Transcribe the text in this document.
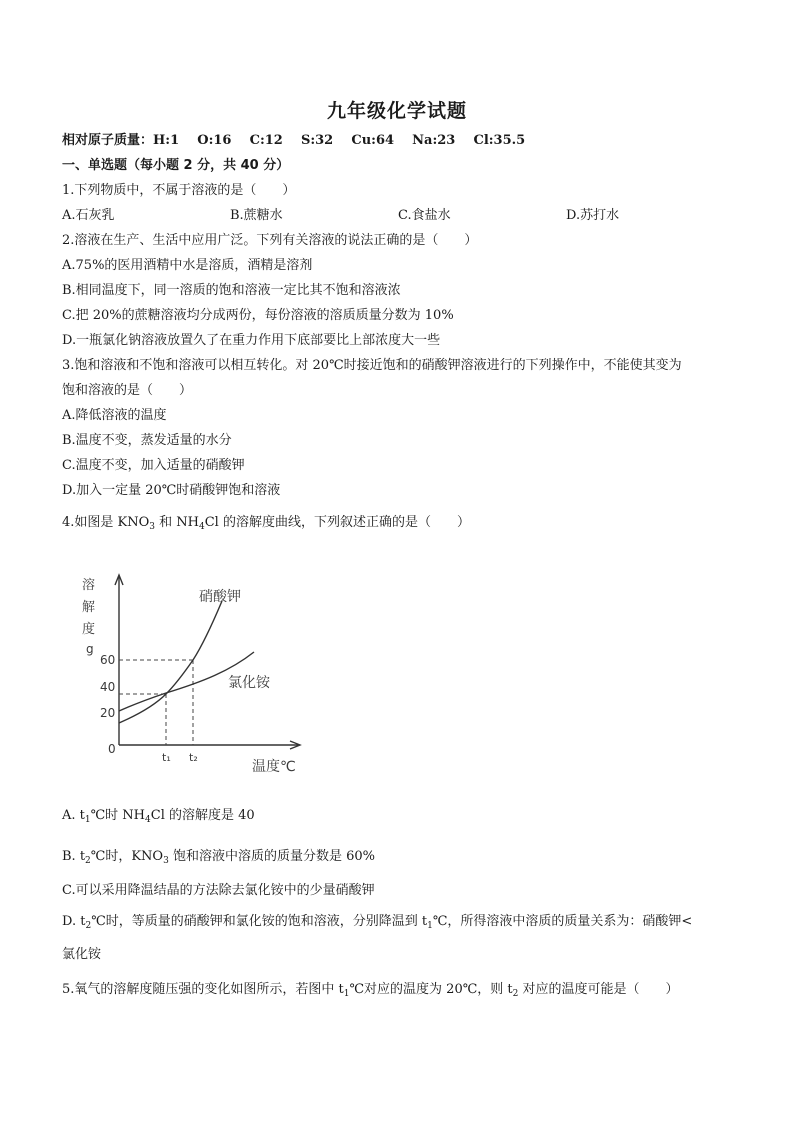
九年级化学试题
相对原子质量：H:1 O:16 C:12 S:32 Cu:64 Na:23 Cl:35.5
一、单选题（每小题 2 分，共 40 分）
1.下列物质中，不属于溶液的是（　　）
A.石灰乳	B.蔗糖水	C.食盐水	D.苏打水
2.溶液在生产、生活中应用广泛。下列有关溶液的说法正确的是（　　）
A.75%的医用酒精中水是溶质，酒精是溶剂
B.相同温度下，同一溶质的饱和溶液一定比其不饱和溶液浓
C.把 20%的蔗糖溶液均分成两份，每份溶液的溶质质量分数为 10%
D.一瓶氯化钠溶液放置久了在重力作用下底部要比上部浓度大一些
3.饱和溶液和不饱和溶液可以相互转化。对 20℃时接近饱和的硝酸钾溶液进行的下列操作中，不能使其变为
饱和溶液的是（　　）
A.降低溶液的温度
B.温度不变，蒸发适量的水分
C.温度不变，加入适量的硝酸钾
D.加入一定量 20℃时硝酸钾饱和溶液
4.如图是 $KNO_3$ 和 $NH_4Cl$ 的溶解度曲线，下列叙述正确的是（　　）
溶
解
度
g
60
40
20
0
t₁ t₂
温度℃
硝酸钾
氯化铵
A. $t_1℃$时 $NH_4Cl$ 的溶解度是 40
B. $t_2℃$时，$KNO_3$ 饱和溶液中溶质的质量分数是 60%
C.可以采用降温结晶的方法除去氯化铵中的少量硝酸钾
D. $t_2℃$时，等质量的硝酸钾和氯化铵的饱和溶液，分别降温到 $t_1℃$，所得溶液中溶质的质量关系为：硝酸钾<
氯化铵
5.氧气的溶解度随压强的变化如图所示，若图中 $t_1℃$对应的温度为 20℃，则 $t_2$ 对应的温度可能是（　　）
